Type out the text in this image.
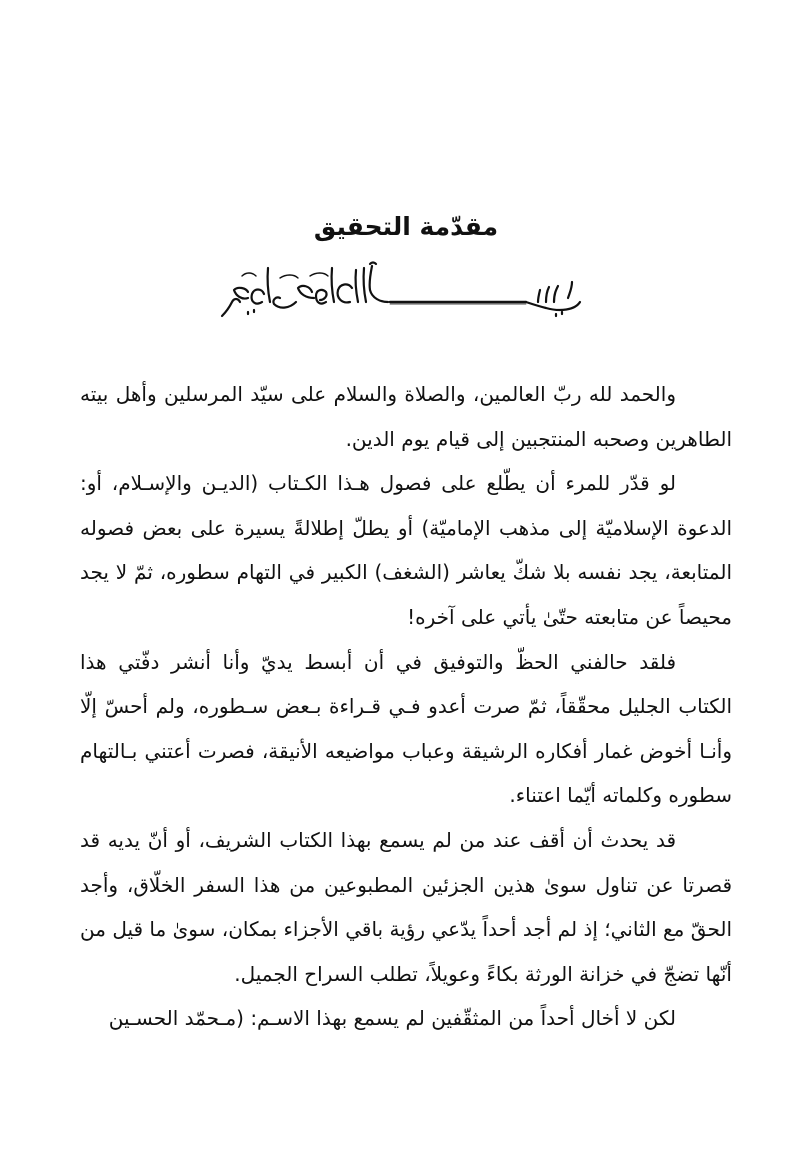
مقدّمة التحقيق

والحمد لله ربّ العالمين، والصلاة والسلام على سيّد المرسلين وأهل بيته الطاهرين وصحبه المنتجبين إلى قيام يوم الدين.

لو قدّر للمرء أن يطّلع على فصول هـذا الكـتاب (الديـن والإسـلام، أو: الدعوة الإسلاميّة إلى مذهب الإماميّة) أو يطلّ إطلالةً يسيرة على بعض فصوله المتابعة، يجد نفسه بلا شكّ يعاشر (الشغف) الكبير في التهام سطوره، ثمّ لا يجد محيصاً عن متابعته حتّىٰ يأتي على آخره!

فلقد حالفني الحظّ والتوفيق في أن أبسط يديّ وأنا أنشر دفّتي هذا الكتاب الجليل محقّقاً، ثمّ صرت أعدو فـي قـراءة بـعض سـطوره، ولم أحسّ إلّا وأنـا أخوض غمار أفكاره الرشيقة وعباب مواضيعه الأنيقة، فصرت أعتني بـالتهام سطوره وكلماته أيّما اعتناء.

قد يحدث أن أقف عند من لم يسمع بهذا الكتاب الشريف، أو أنّ يديه قد قصرتا عن تناول سوىٰ هذين الجزئين المطبوعين من هذا السفر الخلّاق، وأجد الحقّ مع الثاني؛ إذ لم أجد أحداً يدّعي رؤية باقي الأجزاء بمكان، سوىٰ ما قيل من أنّها تضجّ في خزانة الورثة بكاءً وعويلاً، تطلب السراح الجميل.

لكن لا أخال أحداً من المثقّفين لم يسمع بهذا الاسـم: (مـحمّد الحسـين
